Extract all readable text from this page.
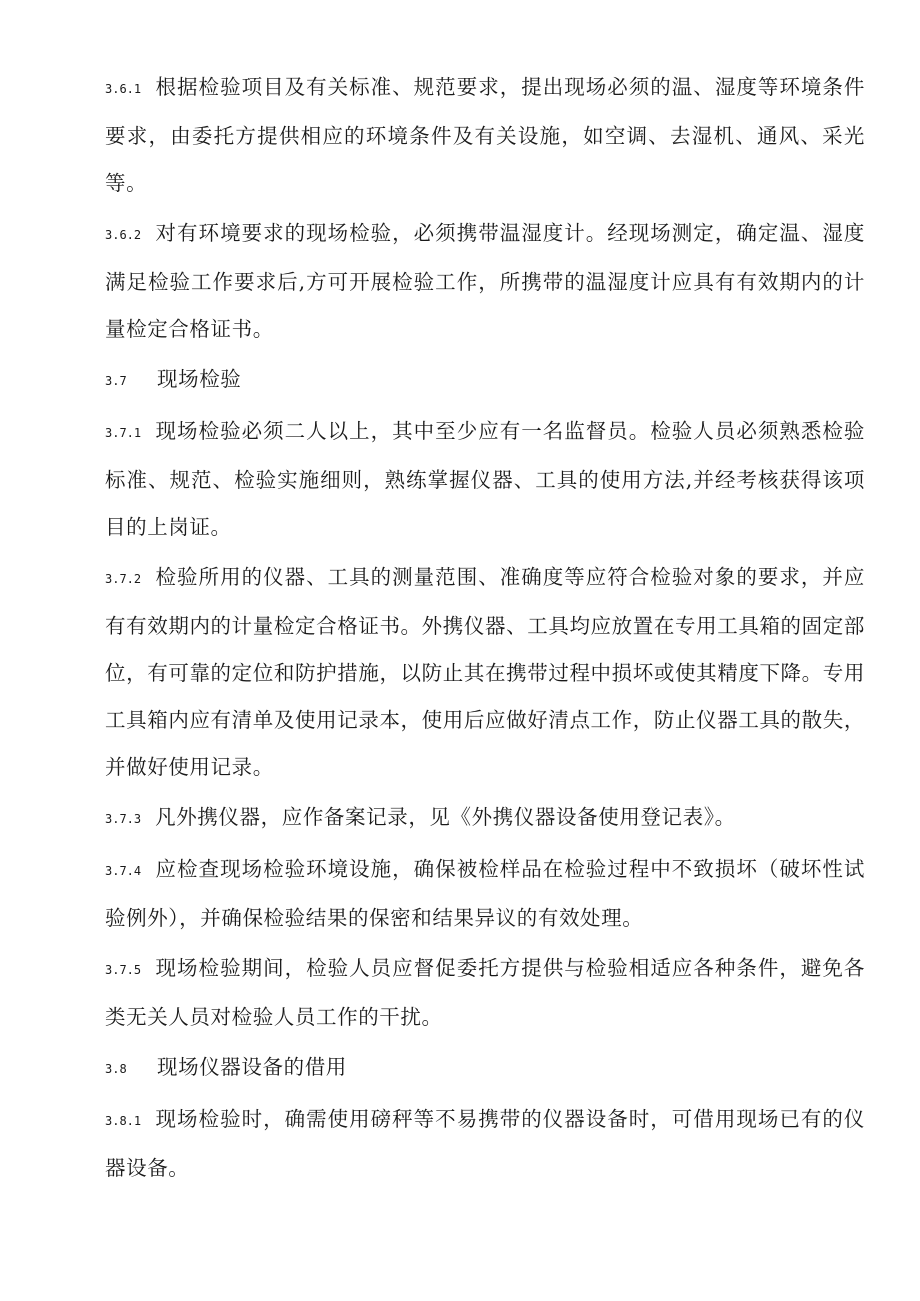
3.6.1 根据检验项目及有关标准、规范要求，提出现场必须的温、湿度等环境条件要求，由委托方提供相应的环境条件及有关设施，如空调、去湿机、通风、采光等。

3.6.2 对有环境要求的现场检验，必须携带温湿度计。经现场测定，确定温、湿度满足检验工作要求后,方可开展检验工作，所携带的温湿度计应具有有效期内的计量检定合格证书。

3.7 现场检验

3.7.1 现场检验必须二人以上，其中至少应有一名监督员。检验人员必须熟悉检验标准、规范、检验实施细则，熟练掌握仪器、工具的使用方法,并经考核获得该项目的上岗证。

3.7.2 检验所用的仪器、工具的测量范围、准确度等应符合检验对象的要求，并应有有效期内的计量检定合格证书。外携仪器、工具均应放置在专用工具箱的固定部位，有可靠的定位和防护措施，以防止其在携带过程中损坏或使其精度下降。专用工具箱内应有清单及使用记录本，使用后应做好清点工作，防止仪器工具的散失，并做好使用记录。

3.7.3 凡外携仪器，应作备案记录，见《外携仪器设备使用登记表》。

3.7.4 应检查现场检验环境设施，确保被检样品在检验过程中不致损坏（破坏性试验例外），并确保检验结果的保密和结果异议的有效处理。

3.7.5 现场检验期间，检验人员应督促委托方提供与检验相适应各种条件，避免各类无关人员对检验人员工作的干扰。

3.8 现场仪器设备的借用

3.8.1 现场检验时，确需使用磅秤等不易携带的仪器设备时，可借用现场已有的仪器设备。
